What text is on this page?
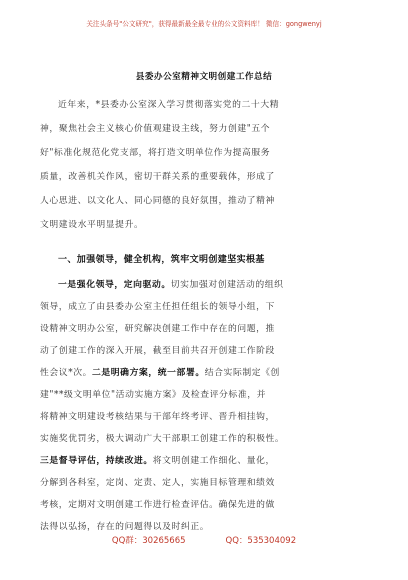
关注头条号"公文研究"，获得最新最全最专业的公文资料库！ 微信：gongwenyj
县委办公室精神文明创建工作总结
近年来，*县委办公室深入学习贯彻落实党的二十大精
神，聚焦社会主义核心价值观建设主线，努力创建"五个
好"标准化规范化党支部，将打造文明单位作为提高服务
质量，改善机关作风，密切干群关系的重要载体，形成了
人心思进、以文化人、同心同德的良好氛围，推动了精神
文明建设水平明显提升。
一、加强领导，健全机构，筑牢文明创建坚实根基
一是强化领导，定向驱动。切实加强对创建活动的组织
领导，成立了由县委办公室主任担任组长的领导小组，下
设精神文明办公室，研究解决创建工作中存在的问题，推
动了创建工作的深入开展，截至目前共召开创建工作阶段
性会议*次。二是明确方案，统一部署。结合实际制定《创
建"**级文明单位"活动实施方案》及检查评分标准，并
将精神文明建设考核结果与干部年终考评、晋升相挂钩，
实施奖优罚劣，极大调动广大干部职工创建工作的积极性。
三是督导评估，持续改进。将文明创建工作细化、量化，
分解到各科室，定岗、定责、定人，实施目标管理和绩效
考核，定期对文明创建工作进行检查评估。确保先进的做
法得以弘扬，存在的问题得以及时纠正。
QQ群：30265665	QQ：535304092
